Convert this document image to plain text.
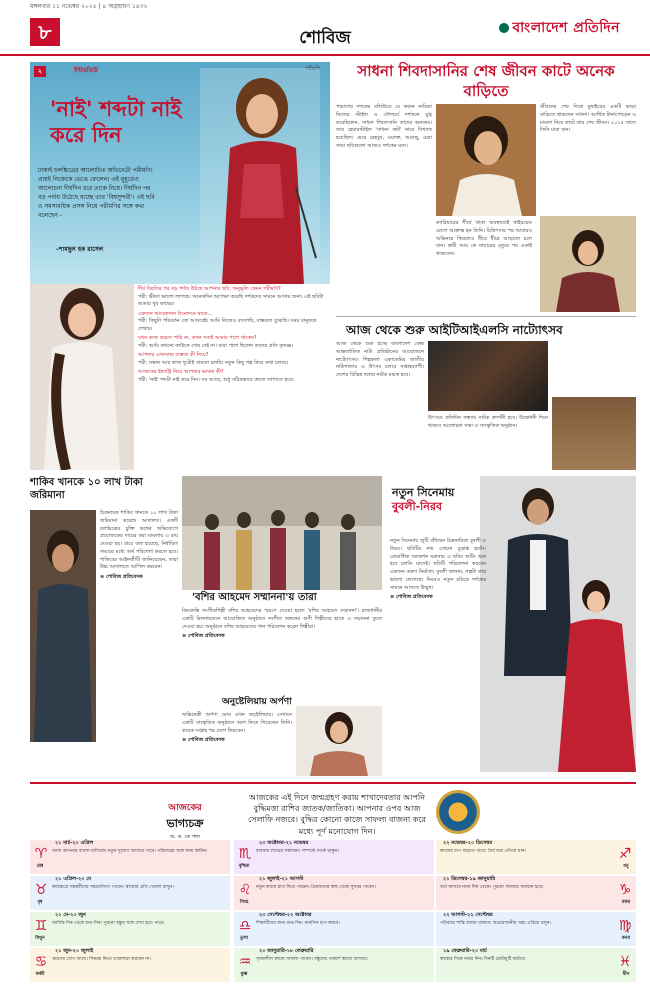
মঙ্গলবার ১১ নভেম্বর ২০২৫ | ৪ অগ্রহায়ণ ১৪৩২
৮	শোবিজ	বাংলাদেশ প্রতিদিন
২	ইন্টারভিউ	পরীমণি
'নাই' শব্দটা নাই করে দিন
ঢাকাই চলচ্চিত্রের আলোচিত অভিনেত্রী পরীমণি। প্রায়ই নিজেকে ভেঙে ফেলেন। এই মুহূর্তেও আলোচনা দীর্ঘদিন ধরে তাকে নিয়ে। দীর্ঘদিন পর বড় পর্দায় উঠেছে যাচ্ছে তার 'বিশ্বসুন্দরী'। এই ছবি ও সমসাময়িক প্রসঙ্গ নিয়ে পরীমণির সঙ্গে কথা বলেছেন -
–শামছুল হক রাসেল
দীর্ঘ বিরতির পর বড় পর্দায় উঠছে আপনার ছবি, অনুভূতি কেমন পরীমণি?
পরী: ভীষণ ভালো লাগছে। অনেকদিন অপেক্ষা করেছি দর্শকদের সামনে আসার জন্য। এই ছবিটা আমার খুব কাছের।
একজন আরেকজন বিনোদনে থাকে...
পরী: কিছুটা পরিবর্তন তো আসবেই। আমি নিজেও বদলেছি, বাস্তবতা বুঝেছি। সময় মানুষকে শেখায়।
যখন কাজ করতে পারি না, তখন সবাই আমার পাশে থাকেন?
পরী: আমি কখনো কাউকে দোষ দেই না। যারা পাশে ছিলেন তাদের প্রতি কৃতজ্ঞ।
আপনার এখনকার ব্যস্ততা কী নিয়ে?
পরী: সন্তান আর কাজ দুটোই সামলে চলছি। নতুন কিছু গল্প নিয়ে কথা চলছে।
আজকের ইন্ডাস্ট্রি নিয়ে আপনার ভাবনা কী?
পরী: 'নাই' শব্দটা নাই করে দিন। সব আছে, শুধু সঠিকভাবে কাজে লাগাতে হবে।
সাধনা শিবদাসানির শেষ জীবন কাটে অনেক বাড়িতে
পঞ্চাশের দশকের বলিউডে যে কজন নায়িকা নিজের স্টাইল ও সৌন্দর্যে দর্শককে মুগ্ধ করেছিলেন, সাধনা শিবদাসানি তাদের অন্যতম। তার হেয়ারস্টাইল 'সাধনা কাট' নামে বিখ্যাত হয়েছিল। মেরে মেহবুব, ওয়াক্ত, আরজু, মেরা সায়া ছবিগুলো আজও দর্শকের মনে।
ক্যারিয়ারের শীর্ষে থাকা অবস্থাতেই থাইরয়েড রোগে আক্রান্ত হন তিনি। চিকিৎসার পর আবারও অভিনয়ে ফিরলেও ধীরে ধীরে আড়ালে চলে যান। স্বামী আর কে নায়ারের মৃত্যুর পর একাই থাকতেন।
জীবনের শেষ দিকে মুম্বাইয়ের একটি ভাড়া বাড়িতে থাকতেন সাধনা। আর্থিক টানাপোড়েন ও মামলা নিয়ে কাটে তার শেষ জীবন। ২০১৫ সালে তিনি মারা যান।
আজ থেকে শুরু আইটিআইএলসি নাট্যোৎসব
আজ থেকে শুরু হচ্ছে বাংলাদেশ কেন্দ্র আন্তর্জাতিক নাট্য প্রতিষ্ঠানের আয়োজনে নাট্যোৎসব। শিল্পকলা একাডেমির জাতীয় নাট্যশালায় এ উৎসব চলবে সপ্তাহব্যাপী। দেশের বিভিন্ন দলের নাটক মঞ্চস্থ হবে।
উৎসবে প্রতিদিন সন্ধ্যায় নাটক প্রদর্শনী হবে। উদ্বোধনী দিনে থাকবে আলোচনা সভা ও সাংস্কৃতিক অনুষ্ঠান।
শাকিব খানকে ১০ লাখ টাকা জরিমানা
চিত্রনায়ক শাকিব খানকে ১০ লাখ টাকা জরিমানা করেছে আদালত। একটি চলচ্চিত্রের চুক্তি ভঙ্গের অভিযোগে প্রযোজকের দায়ের করা মামলায় এ রায় দেওয়া হয়। রায়ে বলা হয়েছে, নির্ধারিত সময়ের মধ্যে অর্থ পরিশোধ করতে হবে। শাকিবের আইনজীবী জানিয়েছেন, তারা উচ্চ আদালতে আপিল করবেন।
≡ শোবিজ প্রতিবেদক
'বশির আহমেদ সম্মাননা'য় তারা
কিংবদন্তি সংগীতশিল্পী বশির আহমেদের স্মরণে দেওয়া হলো 'বশির আহমেদ সম্মাননা'। রাজধানীর একটি মিলনায়তনে আয়োজিত অনুষ্ঠানে সংগীত অঙ্গনের গুণী শিল্পীদের হাতে এ সম্মাননা তুলে দেওয়া হয়। অনুষ্ঠানে বশির আহমেদের গান পরিবেশন করেন শিল্পীরা।
≡ শোবিজ প্রতিবেদক
অনুষ্টেলিয়ায় অর্পণা
অভিনেত্রী অর্পণা ঘোষ এখন অস্ট্রেলিয়ায়। সেখানে একটি সাংস্কৃতিক অনুষ্ঠানে অংশ নিতে গিয়েছেন তিনি। কয়েক সপ্তাহ পর দেশে ফিরবেন।
≡ শোবিজ প্রতিবেদক
নতুন সিনেমায়
বুবলী-নিরব
নতুন সিনেমায় জুটি বাঁধছেন চিত্রনায়িকা বুবলী ও নিরব। ছবিটির নাম এখনো চূড়ান্ত হয়নি। রোমান্টিক অ্যাকশন ঘরানার এ ছবির শুটিং শুরু হবে চলতি মাসেই। ছবিটি পরিচালনা করবেন একজন তরুণ নির্মাতা। বুবলী জানান, গল্পটা তার ভালো লেগেছে। নিরবও নতুন চরিত্রে দর্শকের সামনে আসতে উন্মুখ।
≡ শোবিজ প্রতিবেদক
আজকের
ভাগ্যচক্র
অ. ড. কে পাল
আজকের এই দিনে জন্মগ্রহণ করায় শাখাদেবতার আপনি বুদ্ধিমত্তা রাশির জাতক/জাতিকা। আপনার ওপর আজ সেলাফি নজরে। বুদ্ধির কোনো কাজে সাফল্য বাজনা করে মধ্যে পূর্ণ মনোযোগ দিন।
২১ মার্চ-২০ এপ্রিল
♈
মেষ
আজ আপনার ব্যবসা-বাণিজ্যে নতুন সুযোগ আসতে পারে। পরিবারের সঙ্গে সময় কাটান।
২১ এপ্রিল-২০ মে
♉
বৃষ
কর্মক্ষেত্রে সহকর্মীদের সহযোগিতা পাবেন। স্বাস্থ্যের প্রতি খেয়াল রাখুন।
২১ মে-২০ জুন
♊
মিথুন
আর্থিক দিক থেকে শুভ দিন। পুরনো বন্ধুর সঙ্গে দেখা হতে পারে।
২১ জুন-২০ জুলাই
♋
কর্কট
ভ্রমণের যোগ আছে। সিদ্ধান্ত নিতে তাড়াহুড়া করবেন না।
২১ জুলাই-২১ আগস্ট
♌
সিংহ
নতুন কাজে হাত দিতে পারেন। প্রিয়জনের কাছ থেকে সুখবর পাবেন।
২৩ সেপ্টেম্বর-২২ অক্টোবর
♎
তুলা
শিক্ষার্থীদের জন্য শুভ দিন। মানসিক চাপ কমবে।
২০ জানুয়ারি-১৮ ফেব্রুয়ারি
♒
কুম্ভ
সৃজনশীল কাজে সাফল্য পাবেন। বন্ধুদের পরামর্শ কাজে আসবে।
২২ নভেম্বর-২০ ডিসেম্বর
♐
ধনু
কাজের চাপ বাড়তে পারে। ধৈর্য ধরে এগিয়ে যান।
২১ ডিসেম্বর-১৯ জানুয়ারি
♑
মকর
অর্থ আসবে নানা দিক থেকে। পুরনো সমস্যার সমাধান হবে।
২২ আগস্ট-২২ সেপ্টেম্বর
♍
কন্যা
পরিবারে শান্তি বজায় থাকবে। অপ্রয়োজনীয় খরচ এড়িয়ে চলুন।
১৯ ফেব্রুয়ারি-২০ মার্চ
♓
মীন
স্বাস্থ্যের দিকে নজর দিন। দিনটি মোটামুটি কাটবে।
২৩ অক্টোবর-২১ নভেম্বর
♏
বৃশ্চিক
ব্যবসায় লাভের সম্ভাবনা। সম্পর্কে সতর্ক থাকুন।
